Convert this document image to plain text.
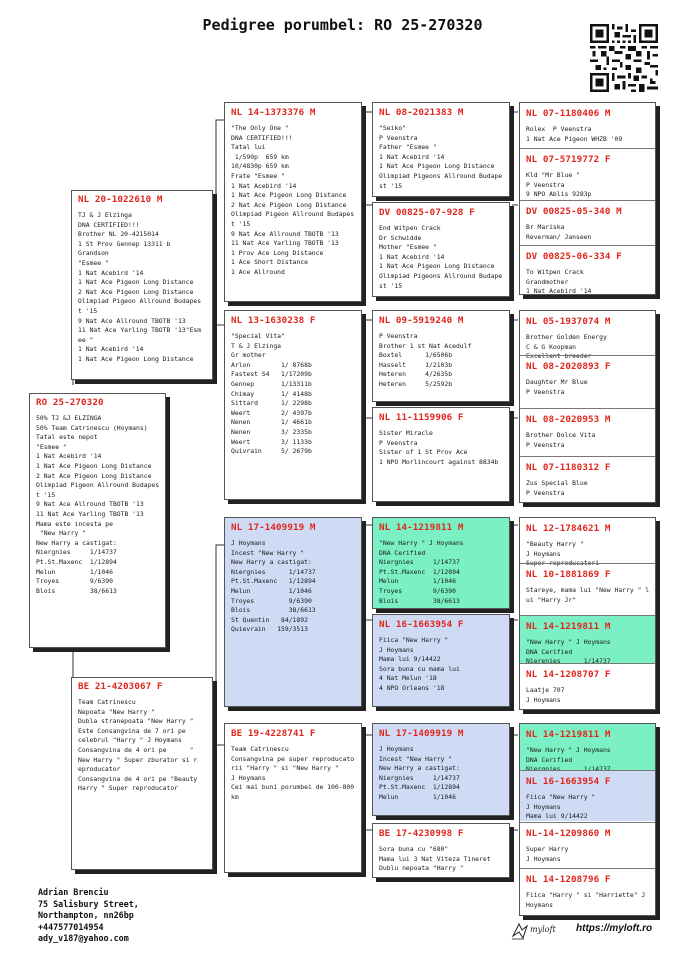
Pedigree porumbel: RO 25-270320
RO 25-270320
50% TJ &J ELZINGA
50% Team Catrinescu (Hoymans)
Tatal este nepot
"Esmee "
1 Nat Acebird '14
1 Nat Ace Pigeon Long Distance
2 Nat Ace Pigeon Long Distance
Olimpiad Pigeon Allround Budapes
t '15
9 Nat Ace Allround TBOTB '13
11 Nat Ace Yarling TBOTB '13
Mama este incesta pe
"New Harry "
New Harry a castigat:
Niergnies     1/14737
Pt.St.Maxenc  1/12894
Melun         1/1046
Troyes        9/6390
Blois         38/6613
NL 20-1022610 M
TJ & J Elzinga
DNA CERTIFIED!!!
Brother NL 20-4215014
1 St Prov Gennep 13311 b
Grandson
"Esmee "
1 Nat Acebird '14
1 Nat Ace Pigeon Long Distance
2 Nat Ace Pigeon Long Distance
Olimpiad Pigeon Allround Budapes
t '15
9 Nat Ace Allround TBOTB '13
11 Nat Ace Yarling TBOTB '13"Esm
ee "
1 Nat Acebird '14
1 Nat Ace Pigeon Long Distance
BE 21-4203067 F
Team Catrinescu
Nepoata "New Harry "
Dubla stranepoata "New Harry "
Este Consangvina de 7 ori pe
celebrul "Harry " J Hoymans
Consangvina de 4 ori pe      "
New Harry " Super zburator si r
eproducator
Consangvina de 4 ori pe "Beauty
Harry " Super reproducator
NL 14-1373376 M
"The Only One "
DNA CERTIFIED!!!
Tatal lui
1/590p  659 km
10/4830p 659 km
Frate "Esmee "
1 Nat Acebird '14
1 Nat Ace Pigeon Long Distance
2 Nat Ace Pigeon Long Distance
Olimpiad Pigeon Allround Budapes
t '15
9 Nat Ace Allround TBOTB '13
11 Nat Ace Yarling TBOTB '13
1 Prov Ace Long Distance
1 Ace Short Distance
1 Ace Allround
NL 13-1630238 F
"Special Vita"
T & J Elzinga
Gr mother
Arlon        1/ 8768b
Fastest S4   1/17209b
Gennep       1/13311b
Chimay       1/ 4148b
Sittard      1/ 2298b
Weert        2/ 4397b
Nenen        1/ 4661b
Nenen        3/ 2335b
Weert        3/ 1133b
Quivrain     5/ 2679b
NL 17-1409919 M
J Hoymans
Incest "New Harry "
New Harry a castigat:
Niergnies      1/14737
Pt.St.Maxenc   1/12894
Melun          1/1046
Troyes         9/6390
Blois          38/6613
St Quentin   84/1892
Quievrain   159/3513
BE 19-4228741 F
Team Catrinescu
Consangvina pe super reproducato
rii "Harry " si "New Harry "
J Hoymans
Cei mai buni porumbei de 100-800
km
NL 08-2021383 M
"Seiko"
P Veenstra
Father "Esmee "
1 Nat Acebird '14
1 Nat Ace Pigeon Long Distance
Olimpiad Pigeons Allround Budape
st '15
DV 00825-07-928 F
End Witpen Crack
Dr Schwidde
Mother "Esmee "
1 Nat Acebird '14
1 Nat Ace Pigeon Long Distance
Olimpiad Pigeons Allround Budape
st '15
NL 09-5919240 M
P Veenstra
Brother 1 st Nat Acedulf
Boxtel      1/6506b
Hasselt     1/2103b
Heteren     4/2635b
Heteren     5/2592b
NL 11-1159906 F
Sister Miracle
P Veenstra
Sister of 1 St Prov Ace
1 NPO Morlincourt against 8834b
NL 14-1219811 M
"New Harry " J Hoymans
DNA Cerified
Niergnies     1/14737
Pt.St.Maxenc  1/12894
Melun         1/1046
Troyes        9/6390
Blois         38/6613
NL 16-1663954 F
Fiica "New Harry "
J Hoymans
Mama lui 9/14422
Sora buna cu mama lui
4 Nat Melun '18
4 NPO Orleans '18
NL 17-1409919 M
J Hoymans
Incest "New Harry "
New Harry a castigat:
Niergnies     1/14737
Pt.St.Maxenc  1/12894
Melun         1/1046
BE 17-4230998 F
Sora buna cu "680"
Mama lui 3 Nat Viteza Tineret
Dublu nepoata "Harry "
NL 07-1180406 M
Rolex  P Veenstra
1 Nat Ace Pigeon WHZB '09
NL 07-5719772 F
Kld "Mr Blue "
P Veenstra
9 NPO Ablis 9283p
DV 00825-05-340 M
Br Mariska
Reverman/ Janseen
DV 00825-06-334 F
To Witpen Crack
Grandmother
1 Nat Acebird '14
NL 05-1937074 M
Brother Golden Energy
C & G Koopman
Excellent breeder
NL 08-2020893 F
Daughter Mr Blue
P Veenstra
NL 08-2020953 M
Brother Dolce Vita
P Veenstra
NL 07-1180312 F
Zus Special Blue
P Veenstra
NL 12-1784621 M
"Beauty Harry "
J Hoymans
Super reproducatori
NL 10-1881869 F
Stareye, mama lui "New Harry " l
ui "Harry Jr"
NL 14-1219811 M
"New Harry " J Hoymans
DNA Cerified
Nierenies      1/14737
NL 14-1208707 F
Laatje 707
J Hoymans
NL 14-1219811 M
"New Harry " J Hoymans
DNA Cerified
NL 16-1663954 F
Fiica "New Harry "
J Hoymans
Mama lui 9/14422
NL-14-1209860 M
Super Harry
J Hoymans
NL 14-1208796 F
Fiica "Harry " si "Harriette" J
Hoymans
Adrian Brenciu
75 Salisbury Street,
Northampton, nn26bp
+447577014954
ady_v187@yahoo.com
myloft https://myloft.ro
